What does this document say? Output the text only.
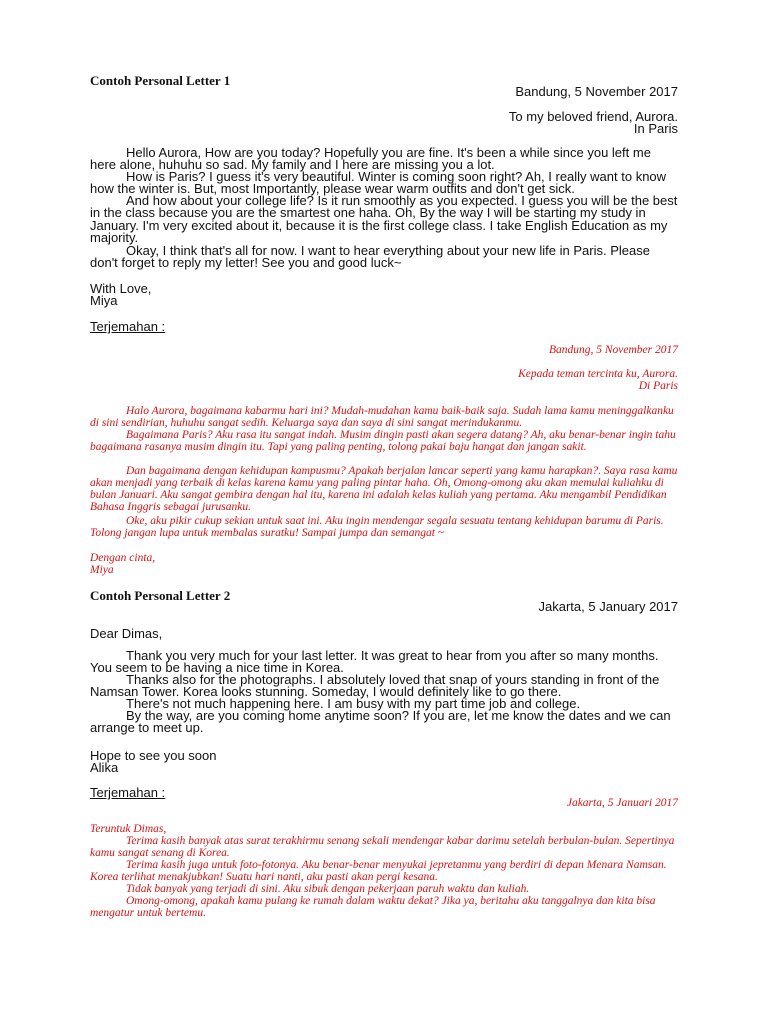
Contoh Personal Letter 1
Bandung, 5 November 2017
To my beloved friend, Aurora.
In Paris
Hello Aurora, How are you today? Hopefully you are fine. It's been a while since you left me here alone, huhuhu so sad. My family and I here are missing you a lot.
How is Paris? I guess it's very beautiful. Winter is coming soon right? Ah, I really want to know how the winter is. But, most Importantly, please wear warm outfits and don't get sick.
And how about your college life? Is it run smoothly as you expected. I guess you will be the best in the class because you are the smartest one haha. Oh, By the way I will be starting my study in January. I'm very excited about it, because it is the first college class. I take English Education as my majority.
Okay, I think that's all for now. I want to hear everything about your new life in Paris. Please don't forget to reply my letter! See you and good luck~
With Love,
Miya
Terjemahan :
Bandung, 5 November 2017
Kepada teman tercinta ku, Aurora.
Di Paris
Halo Aurora, bagaimana kabarmu hari ini? Mudah-mudahan kamu baik-baik saja. Sudah lama kamu meninggalkanku di sini sendirian, huhuhu sangat sedih. Keluarga saya dan saya di sini sangat merindukanmu.
Bagaimana Paris? Aku rasa itu sangat indah. Musim dingin pasti akan segera datang? Ah, aku benar-benar ingin tahu bagaimana rasanya musim dingin itu. Tapi yang paling penting, tolong pakai baju hangat dan jangan sakit.
Dan bagaimana dengan kehidupan kampusmu? Apakah berjalan lancar seperti yang kamu harapkan?. Saya rasa kamu akan menjadi yang terbaik di kelas karena kamu yang paling pintar haha. Oh, Omong-omong aku akan memulai kuliahku di bulan Januari. Aku sangat gembira dengan hal itu, karena ini adalah kelas kuliah yang pertama. Aku mengambil Pendidikan Bahasa Inggris sebagai jurusanku.
Oke, aku pikir cukup sekian untuk saat ini. Aku ingin mendengar segala sesuatu tentang kehidupan barumu di Paris. Tolong jangan lupa untuk membalas suratku! Sampai jumpa dan semangat ~
Dengan cinta,
Miya
Contoh Personal Letter 2
Jakarta, 5 January 2017
Dear Dimas,
Thank you very much for your last letter. It was great to hear from you after so many months. You seem to be having a nice time in Korea.
Thanks also for the photographs. I absolutely loved that snap of yours standing in front of the Namsan Tower. Korea looks stunning. Someday, I would definitely like to go there.
There's not much happening here. I am busy with my part time job and college.
By the way, are you coming home anytime soon? If you are, let me know the dates and we can arrange to meet up.
Hope to see you soon
Alika
Terjemahan :
Jakarta, 5 Januari 2017
Teruntuk Dimas,
Terima kasih banyak atas surat terakhirmu senang sekali mendengar kabar darimu setelah berbulan-bulan. Sepertinya kamu sangat senang di Korea.
Terima kasih juga untuk foto-fotonya. Aku benar-benar menyukai jepretanmu yang berdiri di depan Menara Namsan. Korea terlihat menakjubkan! Suatu hari nanti, aku pasti akan pergi kesana.
Tidak banyak yang terjadi di sini. Aku sibuk dengan pekerjaan paruh waktu dan kuliah.
Omong-omong, apakah kamu pulang ke rumah dalam waktu dekat? Jika ya, beritahu aku tanggalnya dan kita bisa mengatur untuk bertemu.
